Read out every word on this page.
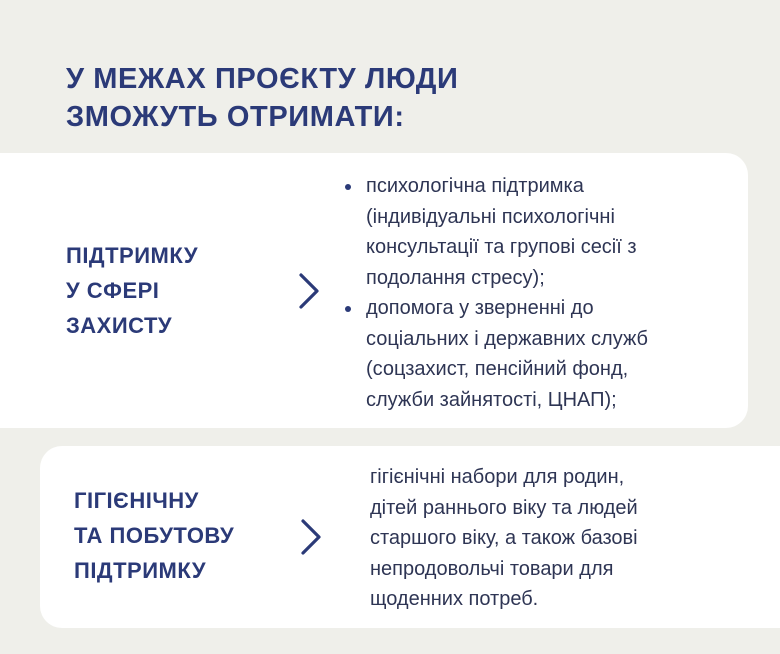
У МЕЖАХ ПРОЄКТУ ЛЮДИ
ЗМОЖУТЬ ОТРИМАТИ:
ПІДТРИМКУ
У СФЕРІ
ЗАХИСТУ
психологічна підтримка
(індивідуальні психологічні
консультації та групові сесії з
подолання стресу);
допомога у зверненні до
соціальних і державних служб
(соцзахист, пенсійний фонд,
служби зайнятості, ЦНАП);
ГІГІЄНІЧНУ
ТА ПОБУТОВУ
ПІДТРИМКУ

гігієнічні набори для родин,
дітей раннього віку та людей
старшого віку, а також базові
непродовольчі товари для
щоденних потреб.
